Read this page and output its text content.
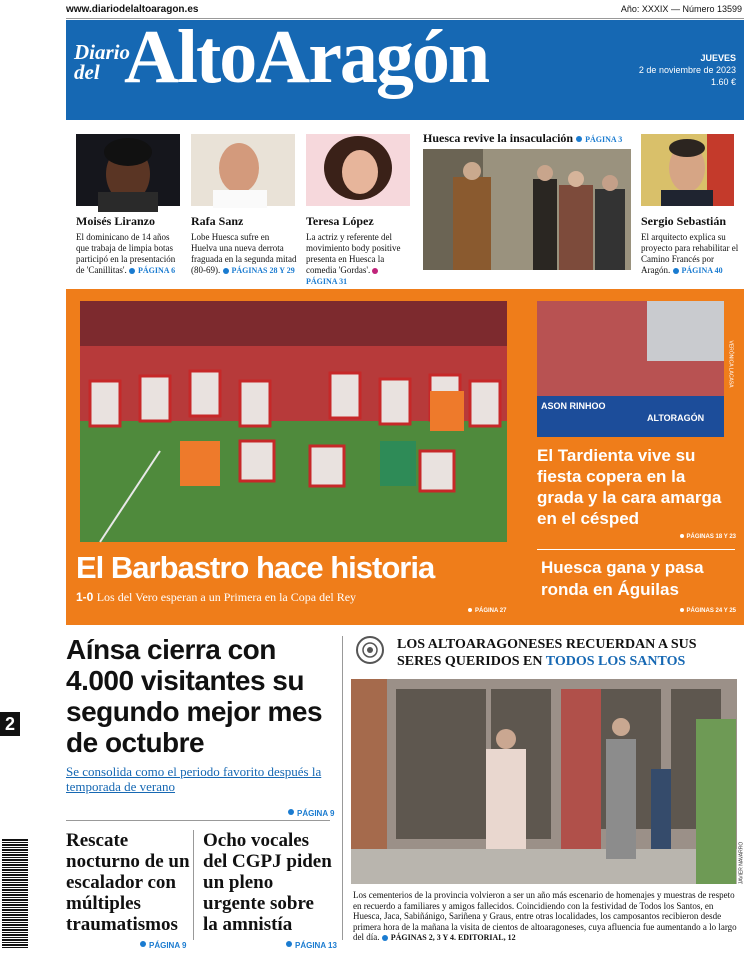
www.diariodelaltoaragon.es	Año: XXXIX — Número 13599
Diario
del AltoAragón	JUEVES
2 de noviembre de 2023
1.60 €
Moisés Liranzo
El dominicano de 14 años que trabaja de limpia botas participó en la presentación de 'Canillitas'. PÁGINA 6
Rafa Sanz
Lobe Huesca sufre en Huelva una nueva derrota fraguada en la segunda mitad (80-69). PÁGINAS 28 Y 29
Teresa López
La actriz y referente del movimiento body positive presenta en Huesca la comedia 'Gordas'. PÁGINA 31
Huesca revive la insaculación PÁGINA 3
Sergio Sebastián
El arquitecto explica su proyecto para rehabilitar el Camino Francés por Aragón. PÁGINA 40
ASON RINHOO
ALTORAGÓN
VERÓNICA LACASA
El Tardienta vive su fiesta copera en la grada y la cara amarga en el césped
PÁGINAS 18 Y 23
Huesca gana y pasa ronda en Águilas
PÁGINAS 24 Y 25
El Barbastro hace historia
1-0 Los del Vero esperan a un Primera en la Copa del Rey
PÁGINA 27
Aínsa cierra con 4.000 visitantes su segundo mejor mes de octubre
Se consolida como el periodo favorito después la temporada de verano
PÁGINA 9
Rescate nocturno de un escalador con múltiples traumatismos
PÁGINA 9
Ocho vocales del CGPJ piden un pleno urgente sobre la amnistía
PÁGINA 13
LOS ALTOARAGONESES RECUERDAN A SUS SERES QUERIDOS EN TODOS LOS SANTOS
JAVIER NAVARRO
Los cementerios de la provincia volvieron a ser un año más escenario de homenajes y muestras de respeto en recuerdo a familiares y amigos fallecidos. Coincidiendo con la festividad de Todos los Santos, en Huesca, Jaca, Sabiñánigo, Sariñena y Graus, entre otras localidades, los camposantos recibieron desde primera hora de la mañana la visita de cientos de altoaragoneses, cuya afluencia fue aumentando a lo largo del día. PÁGINAS 2, 3 Y 4. EDITORIAL, 12
2
